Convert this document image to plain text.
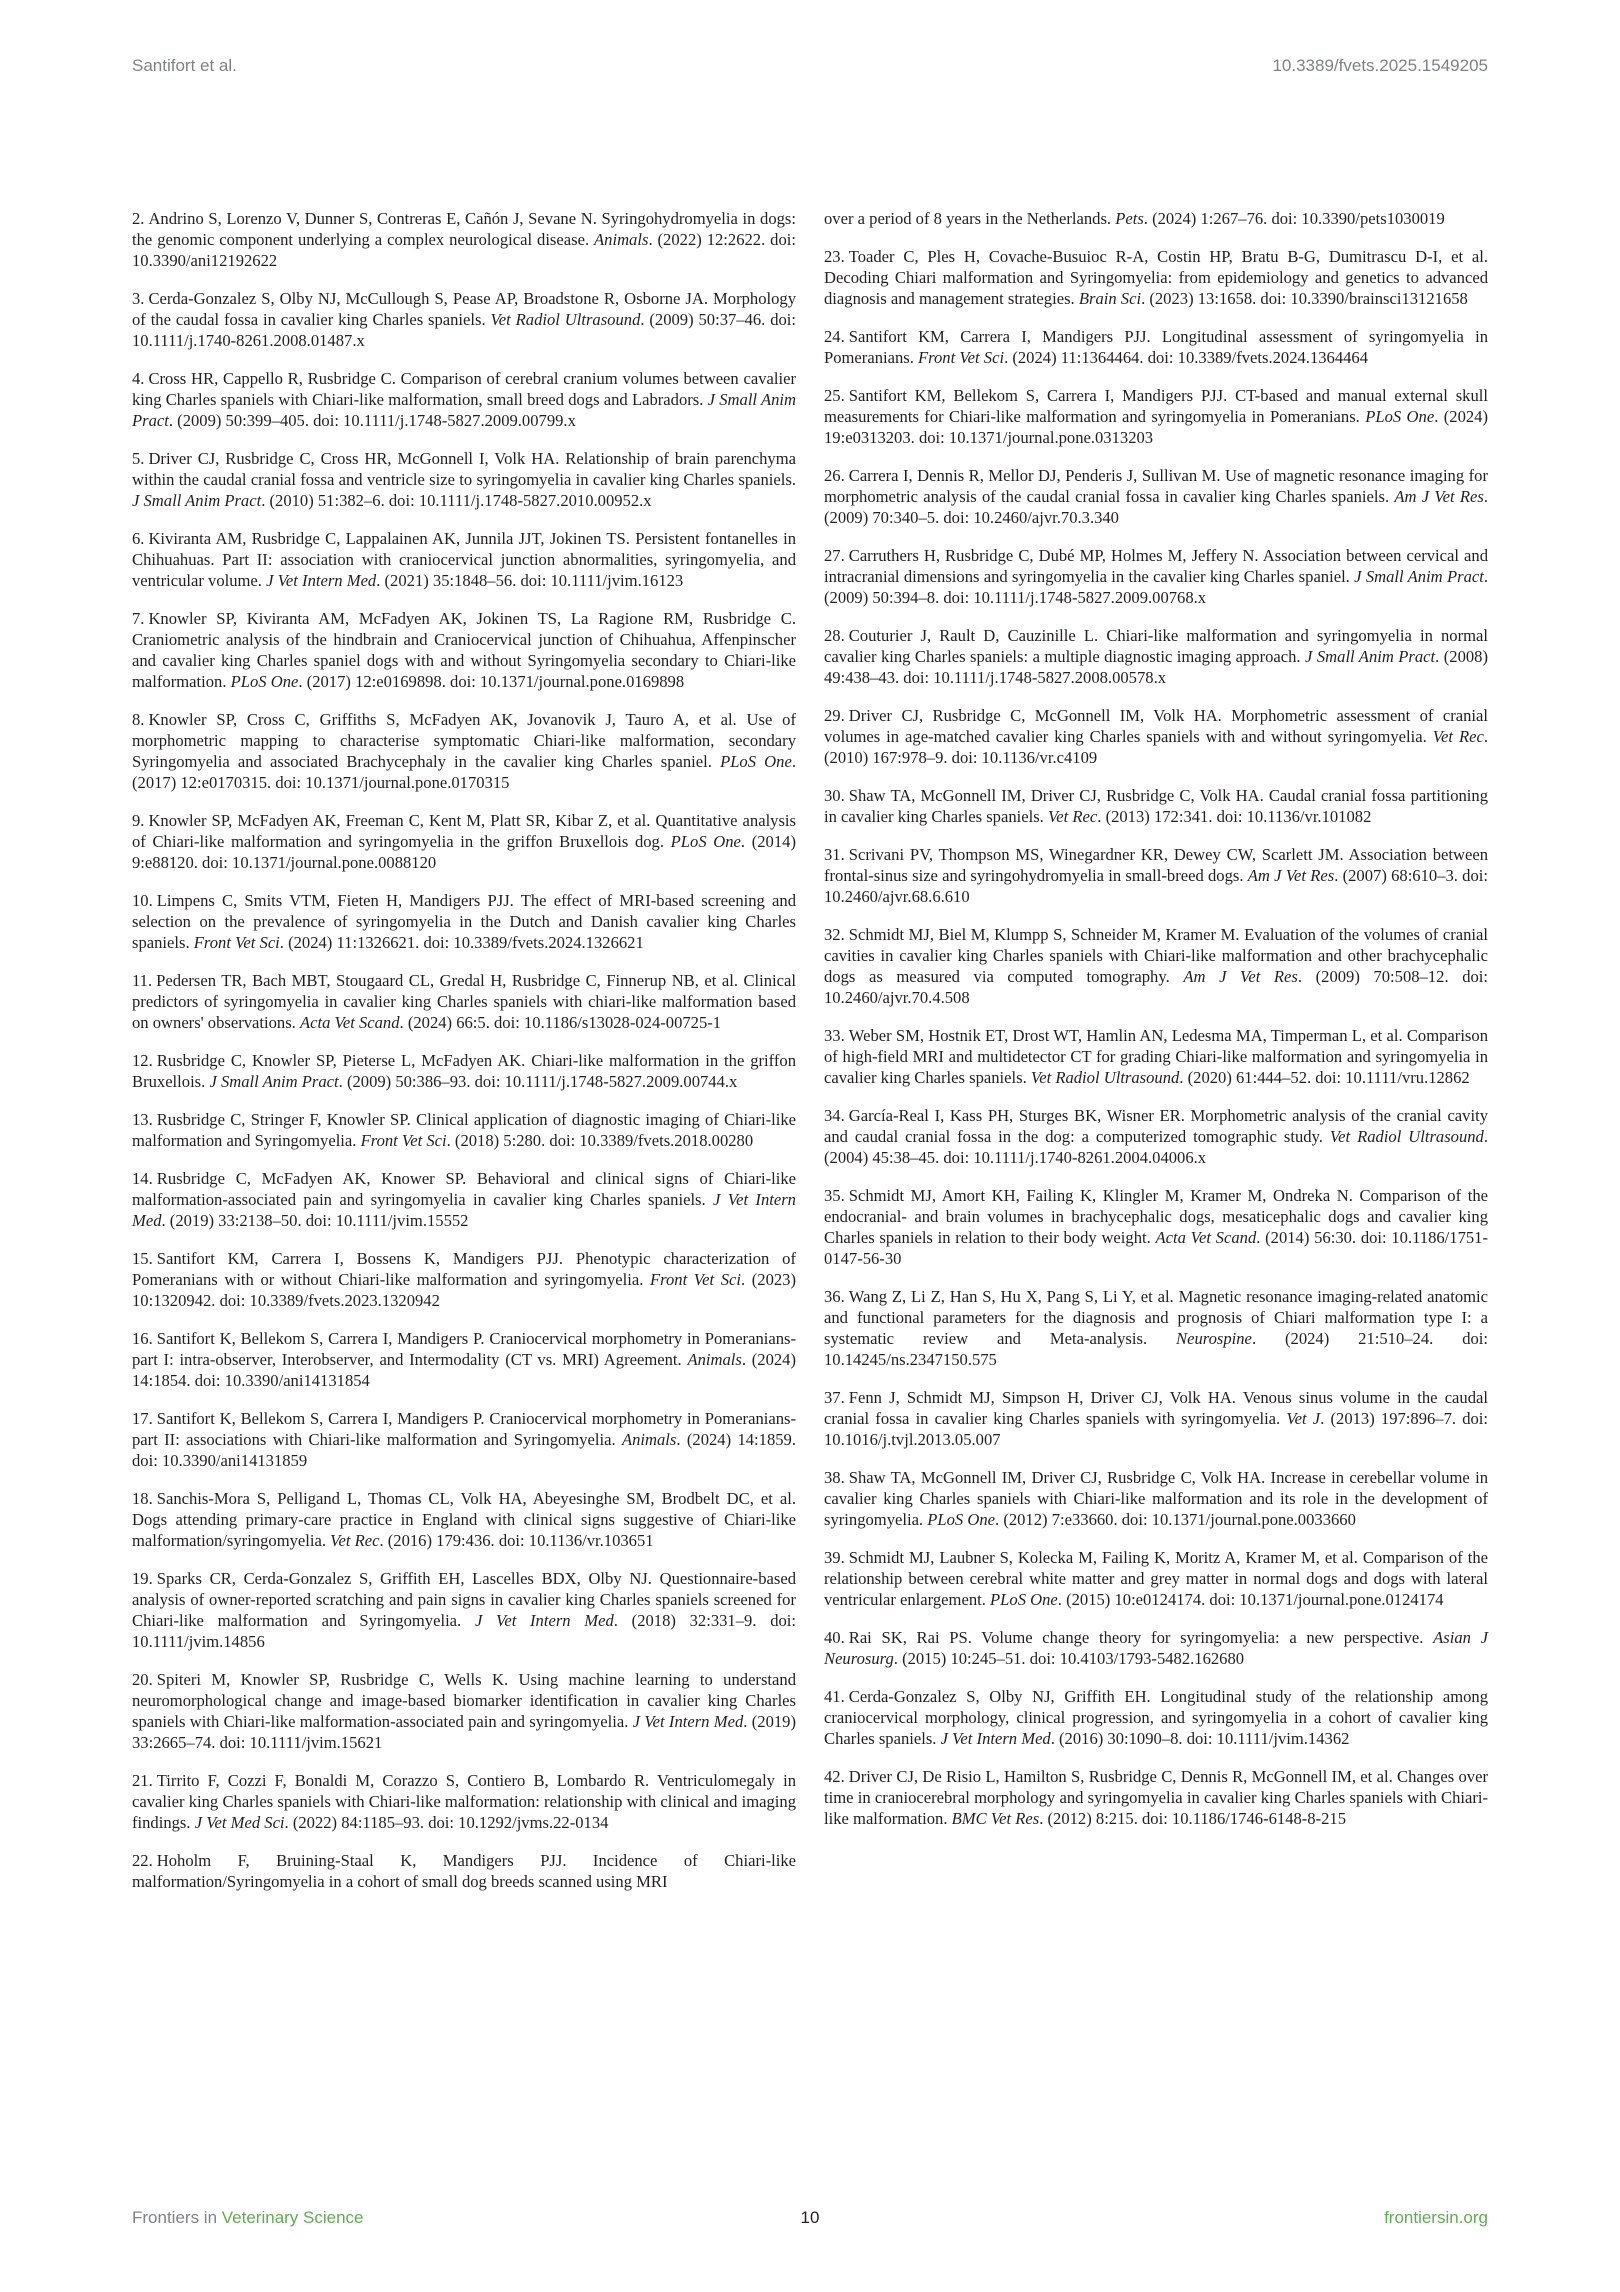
Santifort et al.	10.3389/fvets.2025.1549205

2. Andrino S, Lorenzo V, Dunner S, Contreras E, Cañón J, Sevane N. Syringohydromyelia in dogs: the genomic component underlying a complex neurological disease. Animals. (2022) 12:2622. doi: 10.3390/ani12192622

3. Cerda-Gonzalez S, Olby NJ, McCullough S, Pease AP, Broadstone R, Osborne JA. Morphology of the caudal fossa in cavalier king Charles spaniels. Vet Radiol Ultrasound. (2009) 50:37–46. doi: 10.1111/j.1740-8261.2008.01487.x

4. Cross HR, Cappello R, Rusbridge C. Comparison of cerebral cranium volumes between cavalier king Charles spaniels with Chiari-like malformation, small breed dogs and Labradors. J Small Anim Pract. (2009) 50:399–405. doi: 10.1111/j.1748-5827.2009.00799.x

5. Driver CJ, Rusbridge C, Cross HR, McGonnell I, Volk HA. Relationship of brain parenchyma within the caudal cranial fossa and ventricle size to syringomyelia in cavalier king Charles spaniels. J Small Anim Pract. (2010) 51:382–6. doi: 10.1111/j.1748-5827.2010.00952.x

6. Kiviranta AM, Rusbridge C, Lappalainen AK, Junnila JJT, Jokinen TS. Persistent fontanelles in Chihuahuas. Part II: association with craniocervical junction abnormalities, syringomyelia, and ventricular volume. J Vet Intern Med. (2021) 35:1848–56. doi: 10.1111/jvim.16123

7. Knowler SP, Kiviranta AM, McFadyen AK, Jokinen TS, La Ragione RM, Rusbridge C. Craniometric analysis of the hindbrain and Craniocervical junction of Chihuahua, Affenpinscher and cavalier king Charles spaniel dogs with and without Syringomyelia secondary to Chiari-like malformation. PLoS One. (2017) 12:e0169898. doi: 10.1371/journal.pone.0169898

8. Knowler SP, Cross C, Griffiths S, McFadyen AK, Jovanovik J, Tauro A, et al. Use of morphometric mapping to characterise symptomatic Chiari-like malformation, secondary Syringomyelia and associated Brachycephaly in the cavalier king Charles spaniel. PLoS One. (2017) 12:e0170315. doi: 10.1371/journal.pone.0170315

9. Knowler SP, McFadyen AK, Freeman C, Kent M, Platt SR, Kibar Z, et al. Quantitative analysis of Chiari-like malformation and syringomyelia in the griffon Bruxellois dog. PLoS One. (2014) 9:e88120. doi: 10.1371/journal.pone.0088120

10. Limpens C, Smits VTM, Fieten H, Mandigers PJJ. The effect of MRI-based screening and selection on the prevalence of syringomyelia in the Dutch and Danish cavalier king Charles spaniels. Front Vet Sci. (2024) 11:1326621. doi: 10.3389/fvets.2024.1326621

11. Pedersen TR, Bach MBT, Stougaard CL, Gredal H, Rusbridge C, Finnerup NB, et al. Clinical predictors of syringomyelia in cavalier king Charles spaniels with chiari-like malformation based on owners' observations. Acta Vet Scand. (2024) 66:5. doi: 10.1186/s13028-024-00725-1

12. Rusbridge C, Knowler SP, Pieterse L, McFadyen AK. Chiari-like malformation in the griffon Bruxellois. J Small Anim Pract. (2009) 50:386–93. doi: 10.1111/j.1748-5827.2009.00744.x

13. Rusbridge C, Stringer F, Knowler SP. Clinical application of diagnostic imaging of Chiari-like malformation and Syringomyelia. Front Vet Sci. (2018) 5:280. doi: 10.3389/fvets.2018.00280

14. Rusbridge C, McFadyen AK, Knower SP. Behavioral and clinical signs of Chiari-like malformation-associated pain and syringomyelia in cavalier king Charles spaniels. J Vet Intern Med. (2019) 33:2138–50. doi: 10.1111/jvim.15552

15. Santifort KM, Carrera I, Bossens K, Mandigers PJJ. Phenotypic characterization of Pomeranians with or without Chiari-like malformation and syringomyelia. Front Vet Sci. (2023) 10:1320942. doi: 10.3389/fvets.2023.1320942

16. Santifort K, Bellekom S, Carrera I, Mandigers P. Craniocervical morphometry in Pomeranians-part I: intra-observer, Interobserver, and Intermodality (CT vs. MRI) Agreement. Animals. (2024) 14:1854. doi: 10.3390/ani14131854

17. Santifort K, Bellekom S, Carrera I, Mandigers P. Craniocervical morphometry in Pomeranians-part II: associations with Chiari-like malformation and Syringomyelia. Animals. (2024) 14:1859. doi: 10.3390/ani14131859

18. Sanchis-Mora S, Pelligand L, Thomas CL, Volk HA, Abeyesinghe SM, Brodbelt DC, et al. Dogs attending primary-care practice in England with clinical signs suggestive of Chiari-like malformation/syringomyelia. Vet Rec. (2016) 179:436. doi: 10.1136/vr.103651

19. Sparks CR, Cerda-Gonzalez S, Griffith EH, Lascelles BDX, Olby NJ. Questionnaire-based analysis of owner-reported scratching and pain signs in cavalier king Charles spaniels screened for Chiari-like malformation and Syringomyelia. J Vet Intern Med. (2018) 32:331–9. doi: 10.1111/jvim.14856

20. Spiteri M, Knowler SP, Rusbridge C, Wells K. Using machine learning to understand neuromorphological change and image-based biomarker identification in cavalier king Charles spaniels with Chiari-like malformation-associated pain and syringomyelia. J Vet Intern Med. (2019) 33:2665–74. doi: 10.1111/jvim.15621

21. Tirrito F, Cozzi F, Bonaldi M, Corazzo S, Contiero B, Lombardo R. Ventriculomegaly in cavalier king Charles spaniels with Chiari-like malformation: relationship with clinical and imaging findings. J Vet Med Sci. (2022) 84:1185–93. doi: 10.1292/jvms.22-0134

22. Hoholm F, Bruining-Staal K, Mandigers PJJ. Incidence of Chiari-like malformation/Syringomyelia in a cohort of small dog breeds scanned using MRI

over a period of 8 years in the Netherlands. Pets. (2024) 1:267–76. doi: 10.3390/pets1030019

23. Toader C, Ples H, Covache-Busuioc R-A, Costin HP, Bratu B-G, Dumitrascu D-I, et al. Decoding Chiari malformation and Syringomyelia: from epidemiology and genetics to advanced diagnosis and management strategies. Brain Sci. (2023) 13:1658. doi: 10.3390/brainsci13121658

24. Santifort KM, Carrera I, Mandigers PJJ. Longitudinal assessment of syringomyelia in Pomeranians. Front Vet Sci. (2024) 11:1364464. doi: 10.3389/fvets.2024.1364464

25. Santifort KM, Bellekom S, Carrera I, Mandigers PJJ. CT-based and manual external skull measurements for Chiari-like malformation and syringomyelia in Pomeranians. PLoS One. (2024) 19:e0313203. doi: 10.1371/journal.pone.0313203

26. Carrera I, Dennis R, Mellor DJ, Penderis J, Sullivan M. Use of magnetic resonance imaging for morphometric analysis of the caudal cranial fossa in cavalier king Charles spaniels. Am J Vet Res. (2009) 70:340–5. doi: 10.2460/ajvr.70.3.340

27. Carruthers H, Rusbridge C, Dubé MP, Holmes M, Jeffery N. Association between cervical and intracranial dimensions and syringomyelia in the cavalier king Charles spaniel. J Small Anim Pract. (2009) 50:394–8. doi: 10.1111/j.1748-5827.2009.00768.x

28. Couturier J, Rault D, Cauzinille L. Chiari-like malformation and syringomyelia in normal cavalier king Charles spaniels: a multiple diagnostic imaging approach. J Small Anim Pract. (2008) 49:438–43. doi: 10.1111/j.1748-5827.2008.00578.x

29. Driver CJ, Rusbridge C, McGonnell IM, Volk HA. Morphometric assessment of cranial volumes in age-matched cavalier king Charles spaniels with and without syringomyelia. Vet Rec. (2010) 167:978–9. doi: 10.1136/vr.c4109

30. Shaw TA, McGonnell IM, Driver CJ, Rusbridge C, Volk HA. Caudal cranial fossa partitioning in cavalier king Charles spaniels. Vet Rec. (2013) 172:341. doi: 10.1136/vr.101082

31. Scrivani PV, Thompson MS, Winegardner KR, Dewey CW, Scarlett JM. Association between frontal-sinus size and syringohydromyelia in small-breed dogs. Am J Vet Res. (2007) 68:610–3. doi: 10.2460/ajvr.68.6.610

32. Schmidt MJ, Biel M, Klumpp S, Schneider M, Kramer M. Evaluation of the volumes of cranial cavities in cavalier king Charles spaniels with Chiari-like malformation and other brachycephalic dogs as measured via computed tomography. Am J Vet Res. (2009) 70:508–12. doi: 10.2460/ajvr.70.4.508

33. Weber SM, Hostnik ET, Drost WT, Hamlin AN, Ledesma MA, Timperman L, et al. Comparison of high-field MRI and multidetector CT for grading Chiari-like malformation and syringomyelia in cavalier king Charles spaniels. Vet Radiol Ultrasound. (2020) 61:444–52. doi: 10.1111/vru.12862

34. García-Real I, Kass PH, Sturges BK, Wisner ER. Morphometric analysis of the cranial cavity and caudal cranial fossa in the dog: a computerized tomographic study. Vet Radiol Ultrasound. (2004) 45:38–45. doi: 10.1111/j.1740-8261.2004.04006.x

35. Schmidt MJ, Amort KH, Failing K, Klingler M, Kramer M, Ondreka N. Comparison of the endocranial- and brain volumes in brachycephalic dogs, mesaticephalic dogs and cavalier king Charles spaniels in relation to their body weight. Acta Vet Scand. (2014) 56:30. doi: 10.1186/1751-0147-56-30

36. Wang Z, Li Z, Han S, Hu X, Pang S, Li Y, et al. Magnetic resonance imaging-related anatomic and functional parameters for the diagnosis and prognosis of Chiari malformation type I: a systematic review and Meta-analysis. Neurospine. (2024) 21:510–24. doi: 10.14245/ns.2347150.575

37. Fenn J, Schmidt MJ, Simpson H, Driver CJ, Volk HA. Venous sinus volume in the caudal cranial fossa in cavalier king Charles spaniels with syringomyelia. Vet J. (2013) 197:896–7. doi: 10.1016/j.tvjl.2013.05.007

38. Shaw TA, McGonnell IM, Driver CJ, Rusbridge C, Volk HA. Increase in cerebellar volume in cavalier king Charles spaniels with Chiari-like malformation and its role in the development of syringomyelia. PLoS One. (2012) 7:e33660. doi: 10.1371/journal.pone.0033660

39. Schmidt MJ, Laubner S, Kolecka M, Failing K, Moritz A, Kramer M, et al. Comparison of the relationship between cerebral white matter and grey matter in normal dogs and dogs with lateral ventricular enlargement. PLoS One. (2015) 10:e0124174. doi: 10.1371/journal.pone.0124174

40. Rai SK, Rai PS. Volume change theory for syringomyelia: a new perspective. Asian J Neurosurg. (2015) 10:245–51. doi: 10.4103/1793-5482.162680

41. Cerda-Gonzalez S, Olby NJ, Griffith EH. Longitudinal study of the relationship among craniocervical morphology, clinical progression, and syringomyelia in a cohort of cavalier king Charles spaniels. J Vet Intern Med. (2016) 30:1090–8. doi: 10.1111/jvim.14362

42. Driver CJ, De Risio L, Hamilton S, Rusbridge C, Dennis R, McGonnell IM, et al. Changes over time in craniocerebral morphology and syringomyelia in cavalier king Charles spaniels with Chiari-like malformation. BMC Vet Res. (2012) 8:215. doi: 10.1186/1746-6148-8-215

Frontiers in Veterinary Science	10	frontiersin.org
